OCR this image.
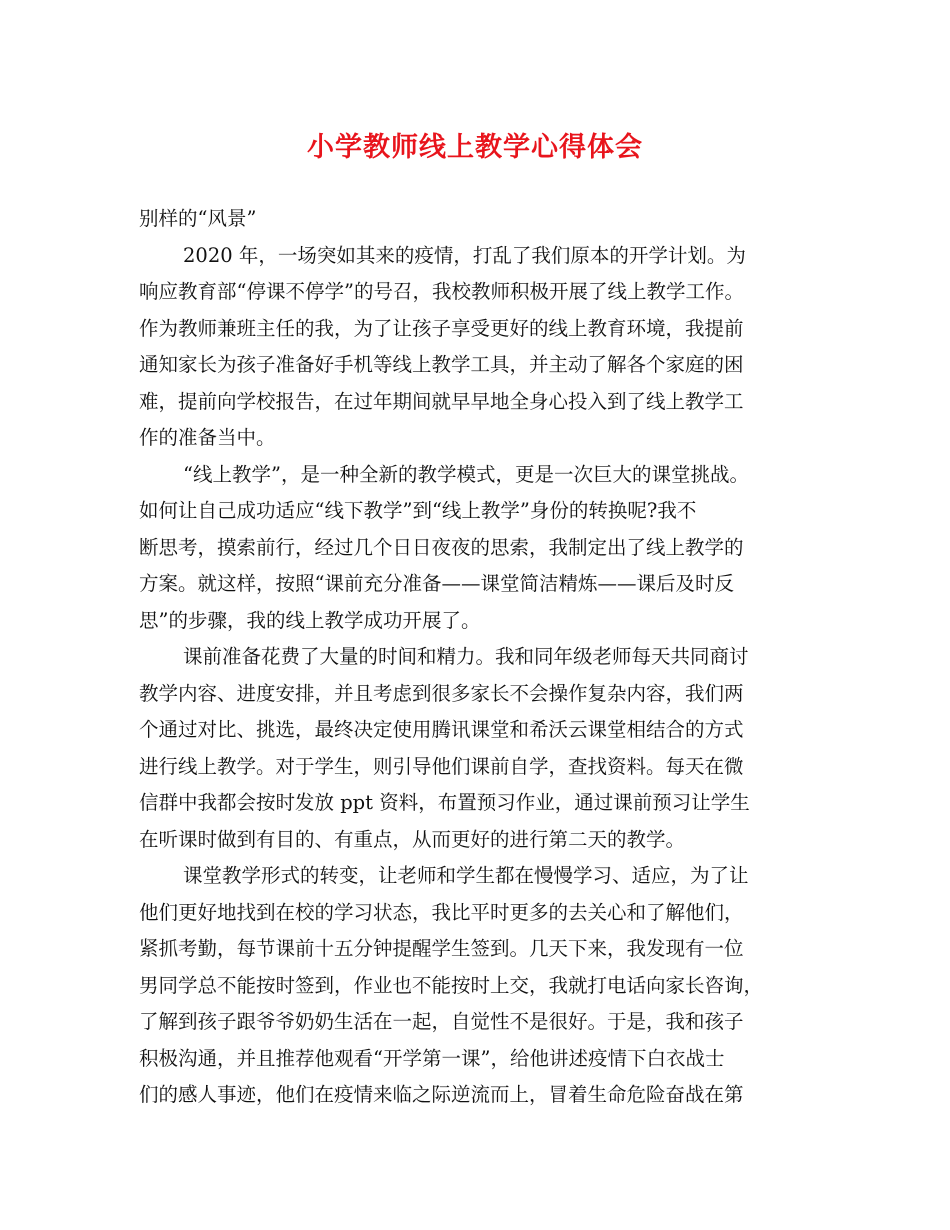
小学教师线上教学心得体会
别样的“风景”
2020 年，一场突如其来的疫情，打乱了我们原本的开学计划。为
响应教育部“停课不停学”的号召，我校教师积极开展了线上教学工作。
作为教师兼班主任的我，为了让孩子享受更好的线上教育环境，我提前
通知家长为孩子准备好手机等线上教学工具，并主动了解各个家庭的困
难，提前向学校报告，在过年期间就早早地全身心投入到了线上教学工
作的准备当中。
“线上教学”，是一种全新的教学模式，更是一次巨大的课堂挑战。
如何让自己成功适应“线下教学”到“线上教学”身份的转换呢?我不
断思考，摸索前行，经过几个日日夜夜的思索，我制定出了线上教学的
方案。就这样，按照“课前充分准备——课堂简洁精炼——课后及时反
思”的步骤，我的线上教学成功开展了。
课前准备花费了大量的时间和精力。我和同年级老师每天共同商讨
教学内容、进度安排，并且考虑到很多家长不会操作复杂内容，我们两
个通过对比、挑选，最终决定使用腾讯课堂和希沃云课堂相结合的方式
进行线上教学。对于学生，则引导他们课前自学，查找资料。每天在微
信群中我都会按时发放 ppt 资料，布置预习作业，通过课前预习让学生
在听课时做到有目的、有重点，从而更好的进行第二天的教学。
课堂教学形式的转变，让老师和学生都在慢慢学习、适应，为了让
他们更好地找到在校的学习状态，我比平时更多的去关心和了解他们，
紧抓考勤，每节课前十五分钟提醒学生签到。几天下来，我发现有一位
男同学总不能按时签到，作业也不能按时上交，我就打电话向家长咨询，
了解到孩子跟爷爷奶奶生活在一起，自觉性不是很好。于是，我和孩子
积极沟通，并且推荐他观看“开学第一课”，给他讲述疫情下白衣战士
们的感人事迹，他们在疫情来临之际逆流而上，冒着生命危险奋战在第
